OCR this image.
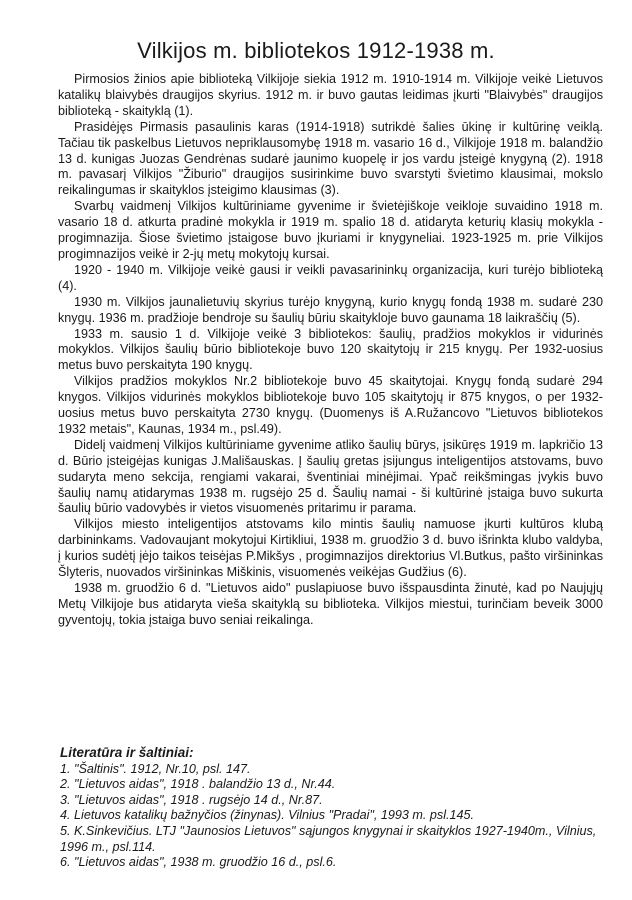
Vilkijos m. bibliotekos 1912-1938 m.

Pirmosios žinios apie biblioteką Vilkijoje siekia 1912 m. 1910-1914 m. Vilkijoje veikė Lietuvos katalikų blaivybės draugijos skyrius. 1912 m. ir buvo gautas leidimas įkurti "Blaivybės" draugijos biblioteką - skaityklą (1).

Prasidėjęs Pirmasis pasaulinis karas (1914-1918) sutrikdė šalies ūkinę ir kultūrinę veiklą. Tačiau tik paskelbus Lietuvos nepriklausomybę 1918 m. vasario 16 d., Vilkijoje 1918 m. balandžio 13 d. kunigas Juozas Gendrėnas sudarė jaunimo kuopelę ir jos vardu įsteigė knygyną (2). 1918 m. pavasarį Vilkijos "Žiburio" draugijos susirinkime buvo svarstyti švietimo klausimai, mokslo reikalingumas ir skaityklos įsteigimo klausimas (3).

Svarbų vaidmenį Vilkijos kultūriniame gyvenime ir švietėjiškoje veikloje suvaidino 1918 m. vasario 18 d. atkurta pradinė mokykla ir 1919 m. spalio 18 d. atidaryta keturių klasių mokykla - progimnazija. Šiose švietimo įstaigose buvo įkuriami ir knygyneliai. 1923-1925 m. prie Vilkijos progimnazijos veikė ir 2-jų metų mokytojų kursai.

1920 - 1940 m. Vilkijoje veikė gausi ir veikli pavasarininkų organizacija, kuri turėjo biblioteką (4).

1930 m. Vilkijos jaunalietuvių skyrius turėjo knygyną, kurio knygų fondą 1938 m. sudarė 230 knygų. 1936 m. pradžioje bendroje su šaulių būriu skaitykloje buvo gaunama 18 laikraščių (5).

1933 m. sausio 1 d. Vilkijoje veikė 3 bibliotekos: šaulių, pradžios mokyklos ir vidurinės mokyklos. Vilkijos šaulių būrio bibliotekoje buvo 120 skaitytojų ir 215 knygų. Per 1932-uosius metus buvo perskaityta 190 knygų.

Vilkijos pradžios mokyklos Nr.2 bibliotekoje buvo 45 skaitytojai. Knygų fondą sudarė 294 knygos. Vilkijos vidurinės mokyklos bibliotekoje buvo 105 skaitytojų ir 875 knygos, o per 1932-uosius metus buvo perskaityta 2730 knygų. (Duomenys iš A.Ružancovo "Lietuvos bibliotekos 1932 metais", Kaunas, 1934 m., psl.49).

Didelį vaidmenį Vilkijos kultūriniame gyvenime atliko šaulių būrys, įsikūręs 1919 m. lapkričio 13 d. Būrio įsteigėjas kunigas J.Mališauskas. Į šaulių gretas įsijungus inteligentijos atstovams, buvo sudaryta meno sekcija, rengiami vakarai, šventiniai minėjimai. Ypač reikšmingas įvykis buvo šaulių namų atidarymas 1938 m. rugsėjo 25 d. Šaulių namai - ši kultūrinė įstaiga buvo sukurta šaulių būrio vadovybės ir vietos visuomenės pritarimu ir parama.

Vilkijos miesto inteligentijos atstovams kilo mintis šaulių namuose įkurti kultūros klubą darbininkams. Vadovaujant mokytojui Kirtikliui, 1938 m. gruodžio 3 d. buvo išrinkta klubo valdyba, į kurios sudėtį įėjo taikos teisėjas P.Mikšys , progimnazijos direktorius Vl.Butkus, pašto viršininkas Šlyteris, nuovados viršininkas Miškinis, visuomenės veikėjas Gudžius (6).

1938 m. gruodžio 6 d. "Lietuvos aido" puslapiuose buvo išspausdinta žinutė, kad po Naujųjų Metų Vilkijoje bus atidaryta vieša skaityklą su biblioteka. Vilkijos miestui, turinčiam beveik 3000 gyventojų, tokia įstaiga buvo seniai reikalinga.

Literatūra ir šaltiniai:
1. "Šaltinis". 1912, Nr.10, psl. 147.
2. "Lietuvos aidas", 1918 . balandžio 13 d., Nr.44.
3. "Lietuvos aidas", 1918 . rugsėjo 14 d., Nr.87.
4. Lietuvos katalikų bažnyčios (žinynas). Vilnius "Pradai", 1993 m. psl.145.
5. K.Sinkevičius. LTJ "Jaunosios Lietuvos" sąjungos knygynai ir skaityklos 1927-1940m., Vilnius, 1996 m., psl.114.
6. "Lietuvos aidas", 1938 m. gruodžio 16 d., psl.6.
